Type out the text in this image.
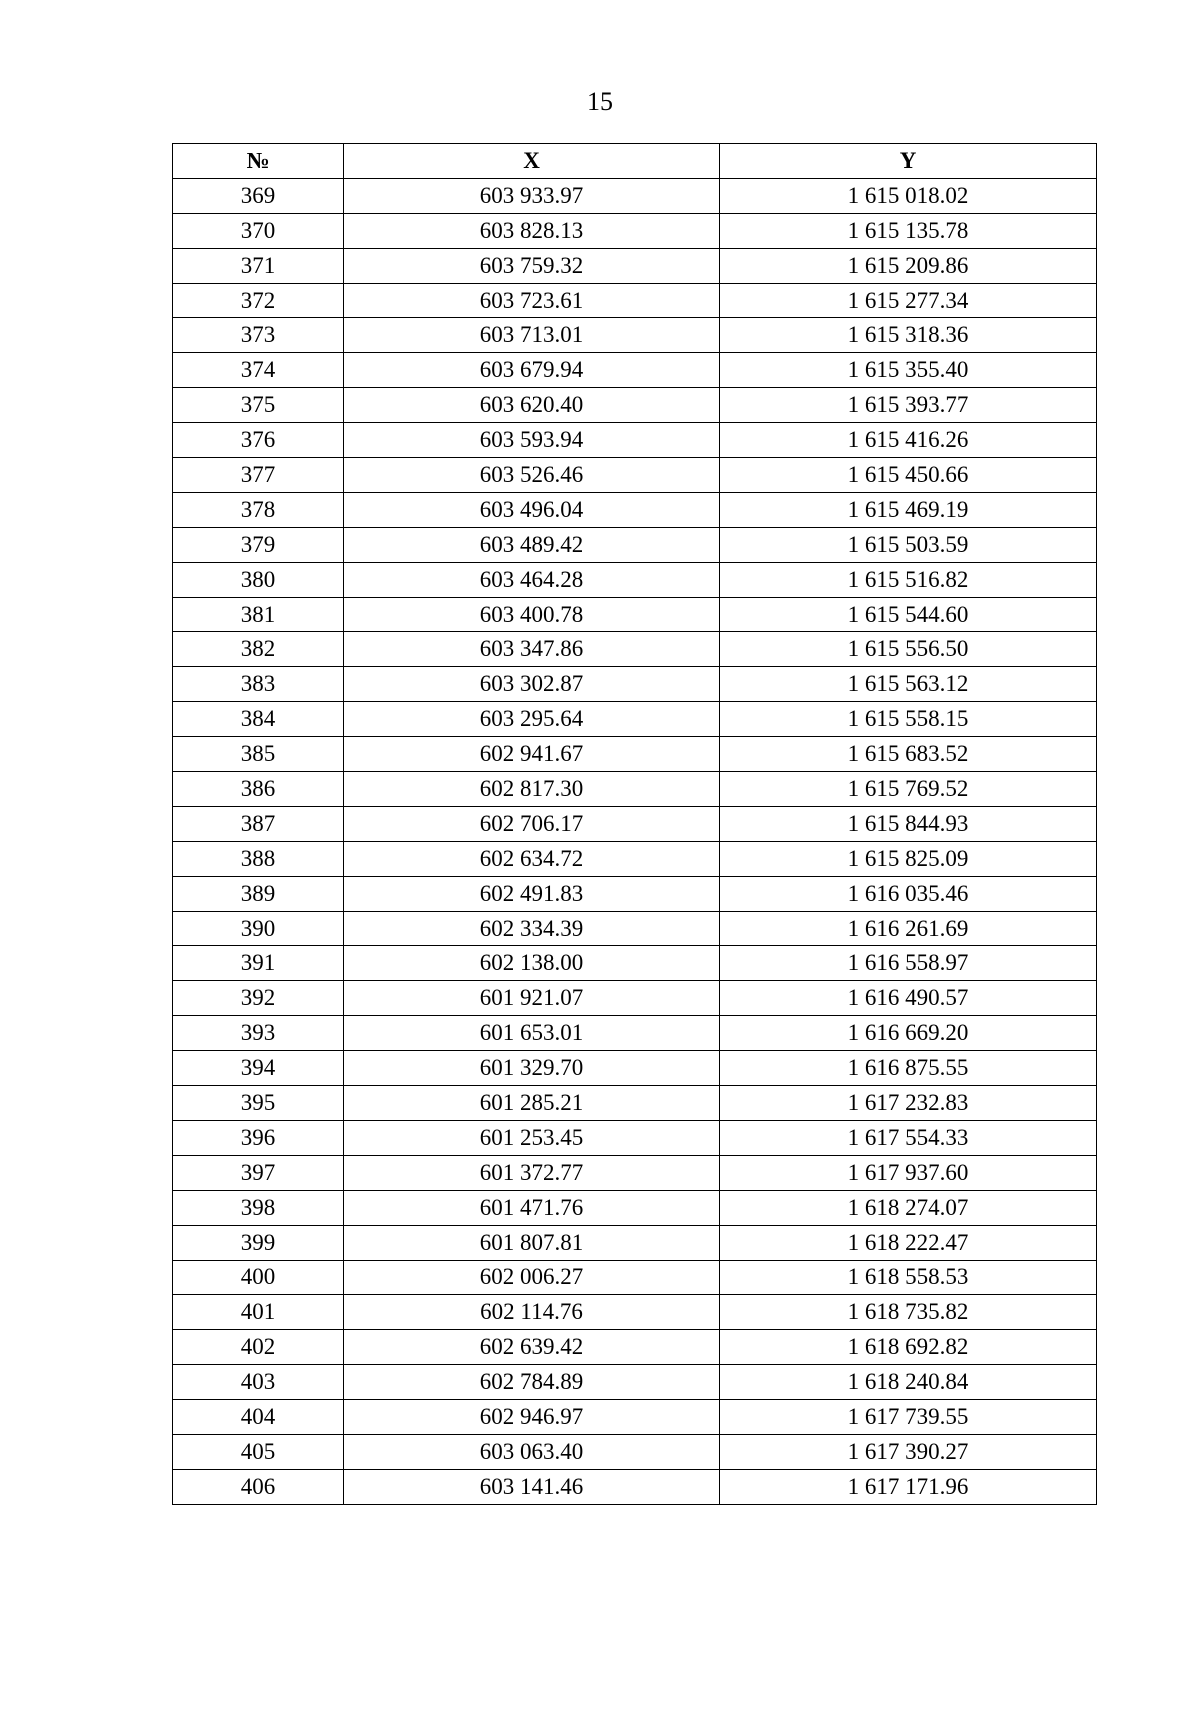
15
№	X	Y
369	603 933.97	1 615 018.02
370	603 828.13	1 615 135.78
371	603 759.32	1 615 209.86
372	603 723.61	1 615 277.34
373	603 713.01	1 615 318.36
374	603 679.94	1 615 355.40
375	603 620.40	1 615 393.77
376	603 593.94	1 615 416.26
377	603 526.46	1 615 450.66
378	603 496.04	1 615 469.19
379	603 489.42	1 615 503.59
380	603 464.28	1 615 516.82
381	603 400.78	1 615 544.60
382	603 347.86	1 615 556.50
383	603 302.87	1 615 563.12
384	603 295.64	1 615 558.15
385	602 941.67	1 615 683.52
386	602 817.30	1 615 769.52
387	602 706.17	1 615 844.93
388	602 634.72	1 615 825.09
389	602 491.83	1 616 035.46
390	602 334.39	1 616 261.69
391	602 138.00	1 616 558.97
392	601 921.07	1 616 490.57
393	601 653.01	1 616 669.20
394	601 329.70	1 616 875.55
395	601 285.21	1 617 232.83
396	601 253.45	1 617 554.33
397	601 372.77	1 617 937.60
398	601 471.76	1 618 274.07
399	601 807.81	1 618 222.47
400	602 006.27	1 618 558.53
401	602 114.76	1 618 735.82
402	602 639.42	1 618 692.82
403	602 784.89	1 618 240.84
404	602 946.97	1 617 739.55
405	603 063.40	1 617 390.27
406	603 141.46	1 617 171.96
